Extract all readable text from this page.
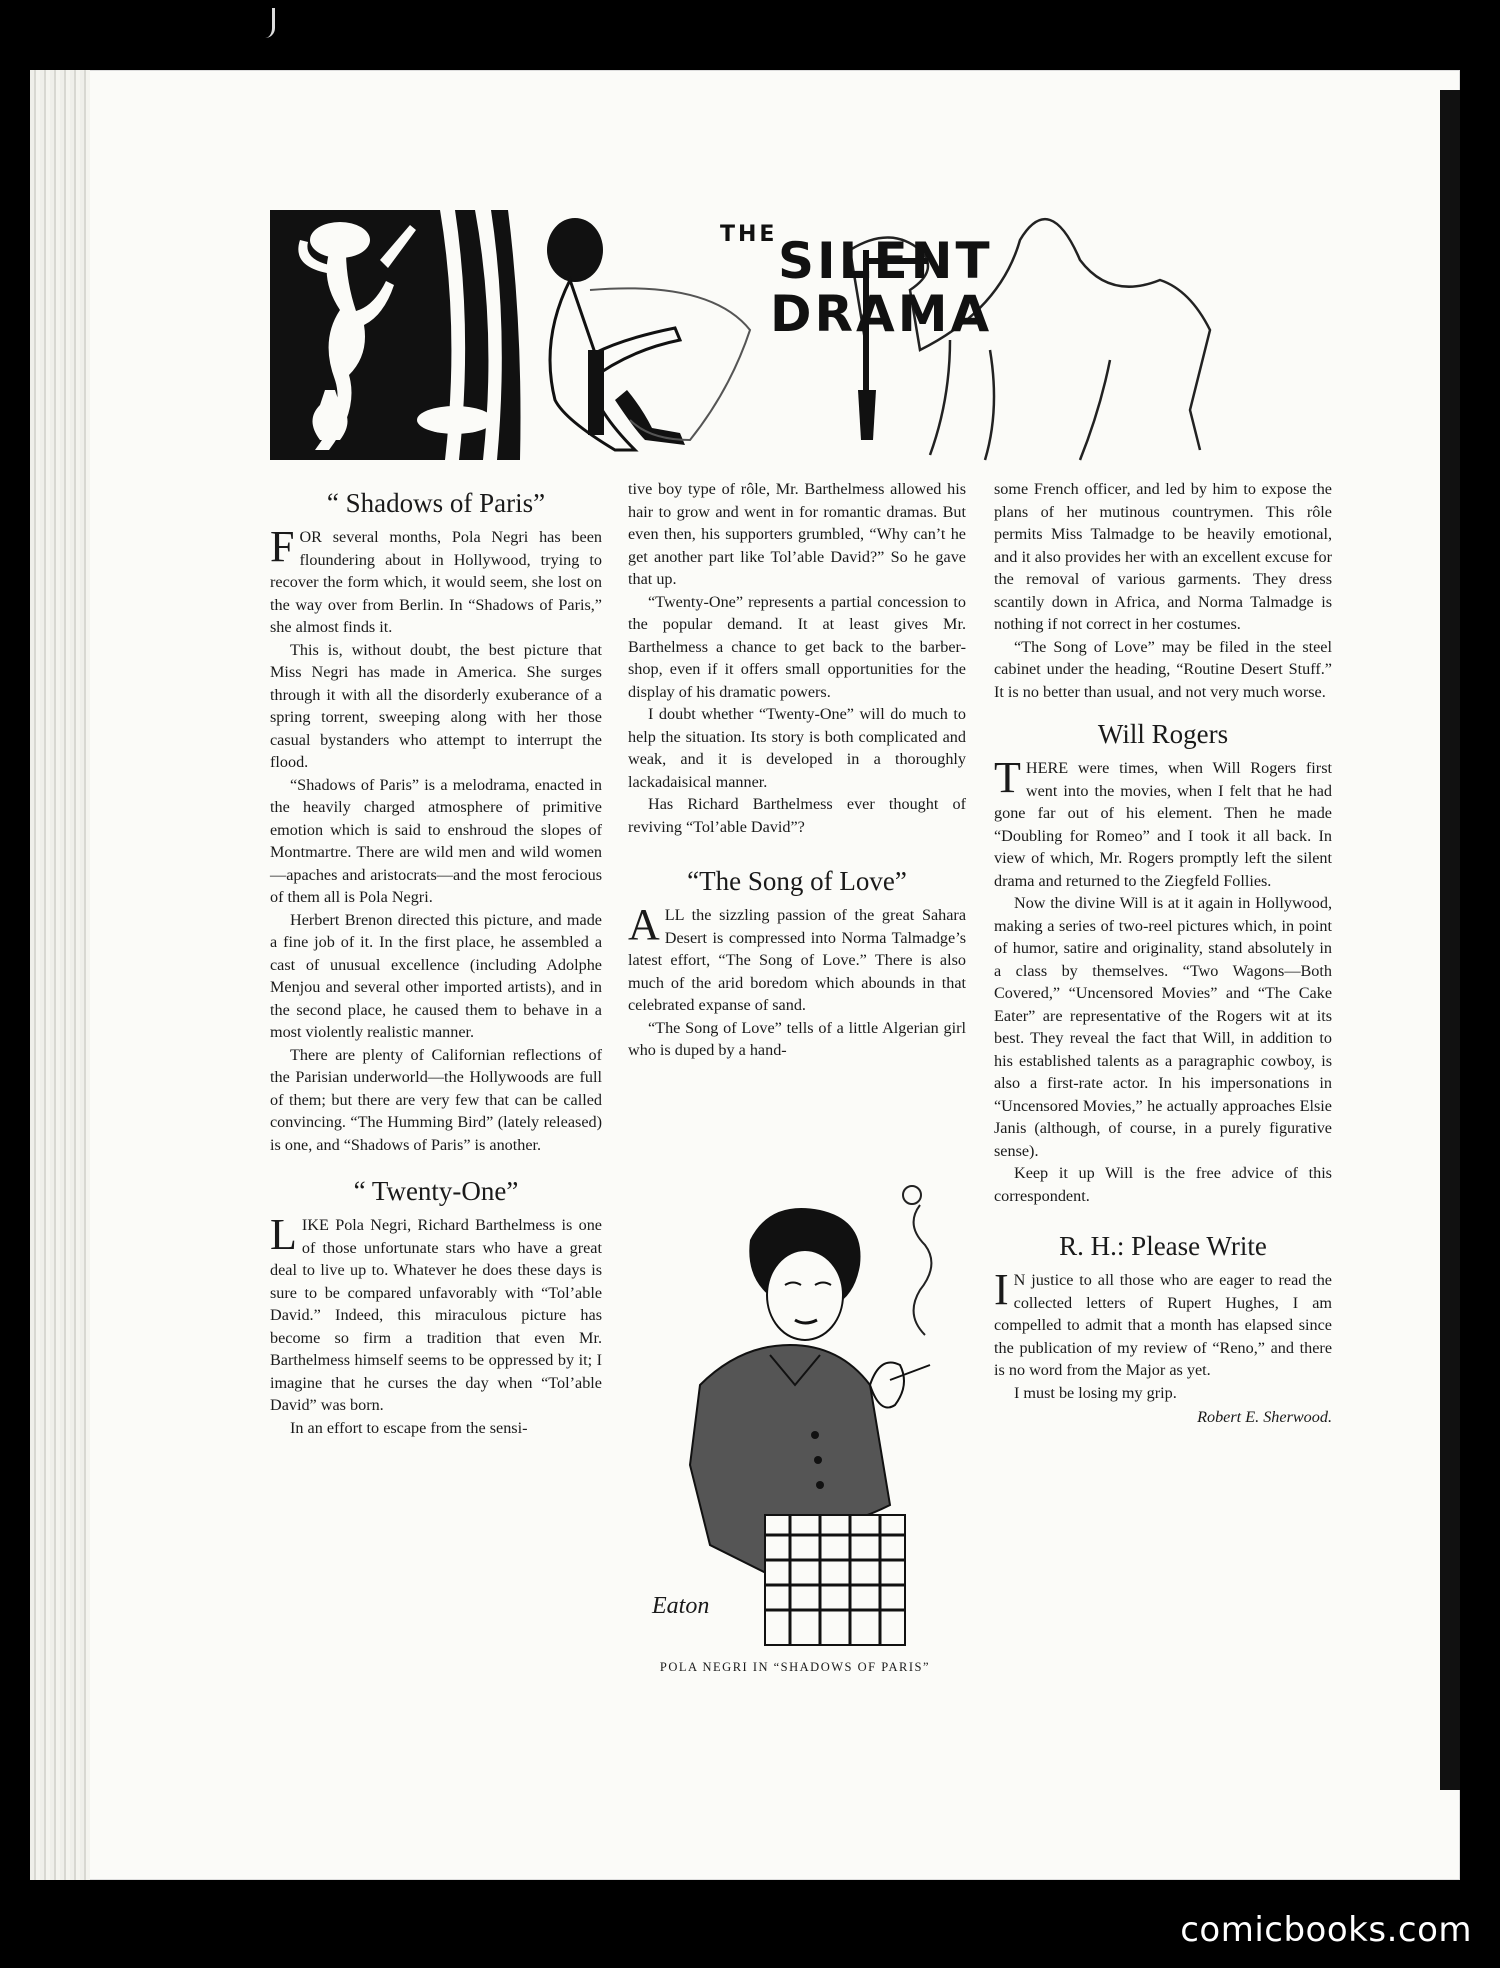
THE SILENT
DRAMA
“ Shadows of Paris”

FOR several months, Pola Negri has been floundering about in Hollywood, trying to recover the form which, it would seem, she lost on the way over from Berlin. In “Shadows of Paris,” she almost finds it.

This is, without doubt, the best picture that Miss Negri has made in America. She surges through it with all the disorderly exuberance of a spring torrent, sweeping along with her those casual bystanders who attempt to interrupt the flood.

“Shadows of Paris” is a melodrama, enacted in the heavily charged atmosphere of primitive emotion which is said to enshroud the slopes of Montmartre. There are wild men and wild women—apaches and aristocrats—and the most ferocious of them all is Pola Negri.

Herbert Brenon directed this picture, and made a fine job of it. In the first place, he assembled a cast of unusual excellence (including Adolphe Menjou and several other imported artists), and in the second place, he caused them to behave in a most violently realistic manner.

There are plenty of Californian reflections of the Parisian underworld—the Hollywoods are full of them; but there are very few that can be called convincing. “The Humming Bird” (lately released) is one, and “Shadows of Paris” is another.

“ Twenty-One”

LIKE Pola Negri, Richard Barthelmess is one of those unfortunate stars who have a great deal to live up to. Whatever he does these days is sure to be compared unfavorably with “Tol’able David.” Indeed, this miraculous picture has become so firm a tradition that even Mr. Barthelmess himself seems to be oppressed by it; I imagine that he curses the day when “Tol’able David” was born.

In an effort to escape from the sensi-

tive boy type of rôle, Mr. Barthelmess allowed his hair to grow and went in for romantic dramas. But even then, his supporters grumbled, “Why can’t he get another part like Tol’able David?” So he gave that up.

“Twenty-One” represents a partial concession to the popular demand. It at least gives Mr. Barthelmess a chance to get back to the barber-shop, even if it offers small opportunities for the display of his dramatic powers.

I doubt whether “Twenty-One” will do much to help the situation. Its story is both complicated and weak, and it is developed in a thoroughly lackadaisical manner.

Has Richard Barthelmess ever thought of reviving “Tol’able David”?

“The Song of Love”

ALL the sizzling passion of the great Sahara Desert is compressed into Norma Talmadge’s latest effort, “The Song of Love.” There is also much of the arid boredom which abounds in that celebrated expanse of sand.

“The Song of Love” tells of a little Algerian girl who is duped by a hand-

Eaton
POLA NEGRI IN “SHADOWS OF PARIS”

some French officer, and led by him to expose the plans of her mutinous countrymen. This rôle permits Miss Talmadge to be heavily emotional, and it also provides her with an excellent excuse for the removal of various garments. They dress scantily down in Africa, and Norma Talmadge is nothing if not correct in her costumes.

“The Song of Love” may be filed in the steel cabinet under the heading, “Routine Desert Stuff.” It is no better than usual, and not very much worse.

Will Rogers

THERE were times, when Will Rogers first went into the movies, when I felt that he had gone far out of his element. Then he made “Doubling for Romeo” and I took it all back. In view of which, Mr. Rogers promptly left the silent drama and returned to the Ziegfeld Follies.

Now the divine Will is at it again in Hollywood, making a series of two-reel pictures which, in point of humor, satire and originality, stand absolutely in a class by themselves. “Two Wagons—Both Covered,” “Uncensored Movies” and “The Cake Eater” are representative of the Rogers wit at its best. They reveal the fact that Will, in addition to his established talents as a paragraphic cowboy, is also a first-rate actor. In his impersonations in “Uncensored Movies,” he actually approaches Elsie Janis (although, of course, in a purely figurative sense).

Keep it up Will is the free advice of this correspondent.

R. H.: Please Write

I N justice to all those who are eager to read the collected letters of Rupert Hughes, I am compelled to admit that a month has elapsed since the publication of my review of “Reno,” and there is no word from the Major as yet.

I must be losing my grip.

Robert E. Sherwood.
comicbooks.com
